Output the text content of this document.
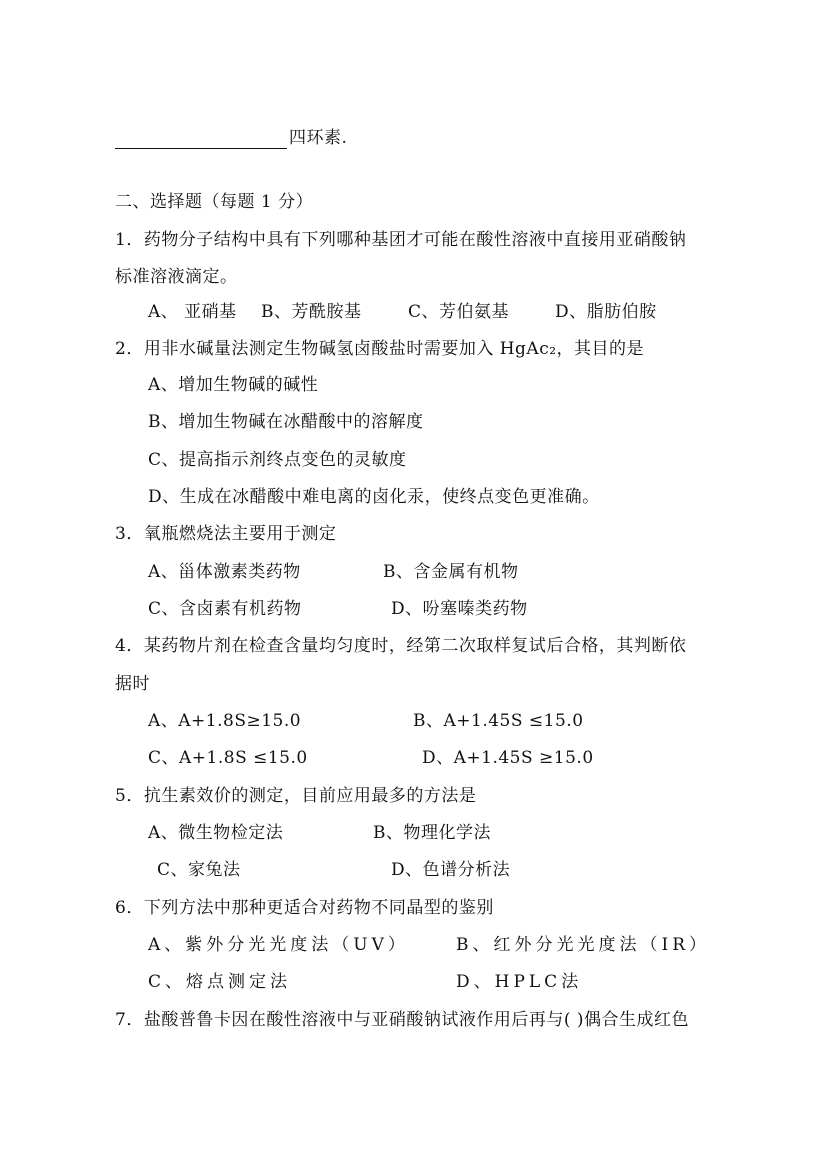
四环素.
二、选择题（每题 1 分）
1．药物分子结构中具有下列哪种基团才可能在酸性溶液中直接用亚硝酸钠
标准溶液滴定。
A、 亚硝基 B、芳酰胺基	C、芳伯氨基	D、脂肪伯胺
2．用非水碱量法测定生物碱氢卤酸盐时需要加入 HgAc₂，其目的是
A、增加生物碱的碱性
B、增加生物碱在冰醋酸中的溶解度
C、提高指示剂终点变色的灵敏度
D、生成在冰醋酸中难电离的卤化汞，使终点变色更准确。
3．氧瓶燃烧法主要用于测定
A、甾体激素类药物	B、含金属有机物
C、含卤素有机药物	D、吩塞嗪类药物
4．某药物片剂在检查含量均匀度时，经第二次取样复试后合格，其判断依
据时
A、A+1.8S≥15.0	B、A+1.45S ≤15.0
C、A+1.8S ≤15.0	D、A+1.45S ≥15.0
5．抗生素效价的测定，目前应用最多的方法是
A、微生物检定法	B、物理化学法
C、家兔法	D、色谱分析法
6．下列方法中那种更适合对药物不同晶型的鉴别
A、紫外分光光度法（UV）	B、红外分光光度法（IR）
C、熔点测定法	D、HPLC法
7．盐酸普鲁卡因在酸性溶液中与亚硝酸钠试液作用后再与( )偶合生成红色
